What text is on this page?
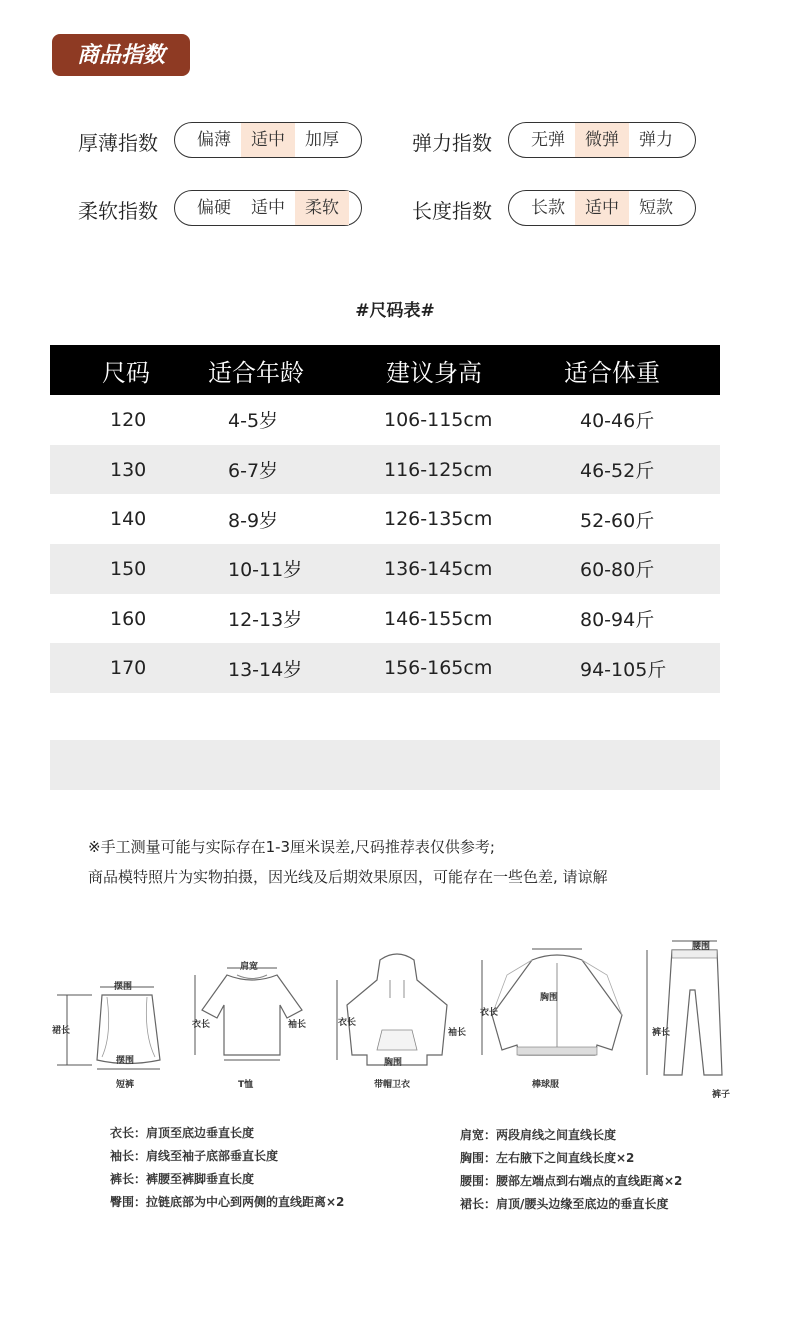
商品指数
厚薄指数	偏薄	适中	加厚	弹力指数	无弹	微弹	弹力
柔软指数	偏硬	适中	柔软	长度指数	长款	适中	短款
#尺码表#
尺码	适合年龄	建议身高	适合体重
120	4-5岁	106-115cm	40-46斤
130	6-7岁	116-125cm	46-52斤
140	8-9岁	126-135cm	52-60斤
150	10-11岁	136-145cm	60-80斤
160	12-13岁	146-155cm	80-94斤
170	13-14岁	156-165cm	94-105斤
※手工测量可能与实际存在1-3厘米误差,尺码推荐表仅供参考;
商品模特照片为实物拍摄，因光线及后期效果原因，可能存在一些色差, 请谅解
摆围
裙长
摆围
短裤
肩宽
衣长	袖长
T恤
衣长
胸围
袖长
带帽卫衣
衣长
胸围
棒球服
腰围
裤长
裤子
衣长：肩顶至底边垂直长度
袖长：肩线至袖子底部垂直长度
裤长：裤腰至裤脚垂直长度
臀围：拉链底部为中心到两侧的直线距离×2
肩宽：两段肩线之间直线长度
胸围：左右腋下之间直线长度×2
腰围：腰部左端点到右端点的直线距离×2
裙长：肩顶/腰头边缘至底边的垂直长度
